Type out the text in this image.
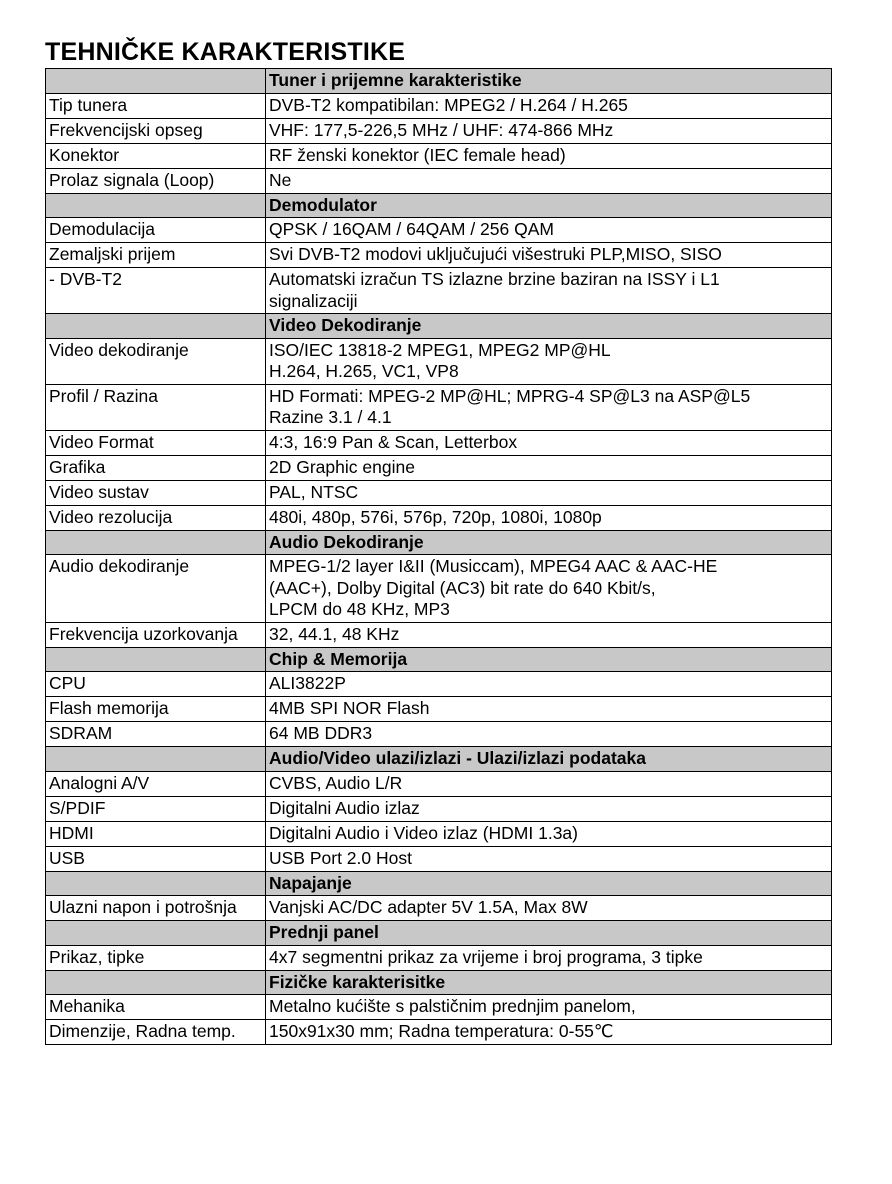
TEHNIČKE KARAKTERISTIKE
	Tuner i prijemne karakteristike
Tip tunera	DVB-T2 kompatibilan: MPEG2 / H.264 / H.265
Frekvencijski opseg	VHF: 177,5-226,5 MHz / UHF: 474-866 MHz
Konektor	RF ženski konektor (IEC female head)
Prolaz signala (Loop)	Ne
	Demodulator
Demodulacija	QPSK / 16QAM / 64QAM / 256 QAM
Zemaljski prijem	Svi DVB-T2 modovi uključujući višestruki PLP,MISO, SISO
- DVB-T2	Automatski izračun TS izlazne brzine baziran na ISSY i L1
signalizaciji
	Video Dekodiranje
Video dekodiranje	ISO/IEC 13818-2 MPEG1, MPEG2 MP@HL
H.264, H.265, VC1, VP8
Profil / Razina	HD Formati: MPEG-2 MP@HL; MPRG-4 SP@L3 na ASP@L5
Razine 3.1 / 4.1
Video Format	4:3, 16:9 Pan & Scan, Letterbox
Grafika	2D Graphic engine
Video sustav	PAL, NTSC
Video rezolucija	480i, 480p, 576i, 576p, 720p, 1080i, 1080p
	Audio Dekodiranje
Audio dekodiranje	MPEG-1/2 layer I&II (Musiccam), MPEG4 AAC & AAC-HE
(AAC+), Dolby Digital (AC3) bit rate do 640 Kbit/s,
LPCM do 48 KHz, MP3
Frekvencija uzorkovanja	32, 44.1, 48 KHz
	Chip & Memorija
CPU	ALI3822P
Flash memorija	4MB SPI NOR Flash
SDRAM	64 MB DDR3
	Audio/Video ulazi/izlazi - Ulazi/izlazi podataka
Analogni A/V	CVBS, Audio L/R
S/PDIF	Digitalni Audio izlaz
HDMI	Digitalni Audio i Video izlaz (HDMI 1.3a)
USB	USB Port 2.0 Host
	Napajanje
Ulazni napon i potrošnja	Vanjski AC/DC adapter 5V 1.5A, Max 8W
	Prednji panel
Prikaz, tipke	4x7 segmentni prikaz za vrijeme i broj programa, 3 tipke
	Fizičke karakterisitke
Mehanika	Metalno kućište s palstičnim prednjim panelom,
Dimenzije, Radna temp.	150x91x30 mm; Radna temperatura: 0-55℃
